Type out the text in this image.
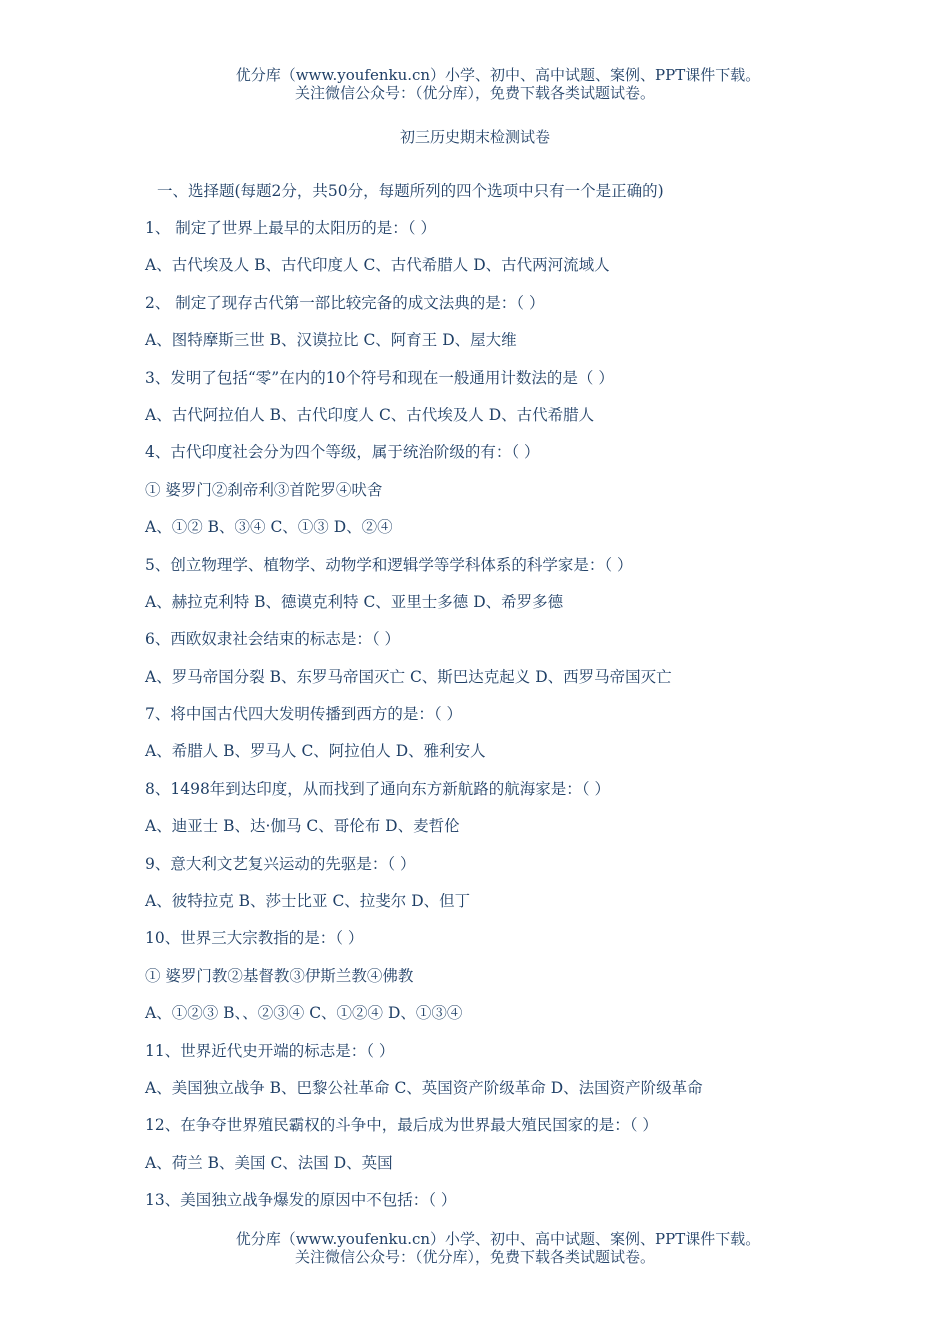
优分库（www.youfenku.cn）小学、初中、高中试题、案例、PPT课件下载。
关注微信公众号：（优分库），免费下载各类试题试卷。
初三历史期末检测试卷
一、选择题(每题2分，共50分，每题所列的四个选项中只有一个是正确的)
1、 制定了世界上最早的太阳历的是：（ ）
A、古代埃及人 B、古代印度人 C、古代希腊人 D、古代两河流域人
2、 制定了现存古代第一部比较完备的成文法典的是：（ ）
A、图特摩斯三世 B、汉谟拉比 C、阿育王 D、屋大维
3、发明了包括“零”在内的10个符号和现在一般通用计数法的是（ ）
A、古代阿拉伯人 B、古代印度人 C、古代埃及人 D、古代希腊人
4、古代印度社会分为四个等级，属于统治阶级的有：（ ）
① 婆罗门②刹帝利③首陀罗④吠舍
A、①② B、③④ C、①③ D、②④
5、创立物理学、植物学、动物学和逻辑学等学科体系的科学家是：（ ）
A、赫拉克利特 B、德谟克利特 C、亚里士多德 D、希罗多德
6、西欧奴隶社会结束的标志是：（ ）
A、罗马帝国分裂 B、东罗马帝国灭亡 C、斯巴达克起义 D、西罗马帝国灭亡
7、将中国古代四大发明传播到西方的是：（ ）
A、希腊人 B、罗马人 C、阿拉伯人 D、雅利安人
8、1498年到达印度，从而找到了通向东方新航路的航海家是：（ ）
A、迪亚士 B、达·伽马 C、哥伦布 D、麦哲伦
9、意大利文艺复兴运动的先驱是：（ ）
A、彼特拉克 B、莎士比亚 C、拉斐尔 D、但丁
10、世界三大宗教指的是：（ ）
① 婆罗门教②基督教③伊斯兰教④佛教
A、①②③ B、、②③④ C、①②④ D、①③④
11、世界近代史开端的标志是：（ ）
A、美国独立战争 B、巴黎公社革命 C、英国资产阶级革命 D、法国资产阶级革命
12、在争夺世界殖民霸权的斗争中，最后成为世界最大殖民国家的是：（ ）
A、荷兰 B、美国 C、法国 D、英国
13、美国独立战争爆发的原因中不包括：（ ）
优分库（www.youfenku.cn）小学、初中、高中试题、案例、PPT课件下载。
关注微信公众号：（优分库），免费下载各类试题试卷。
